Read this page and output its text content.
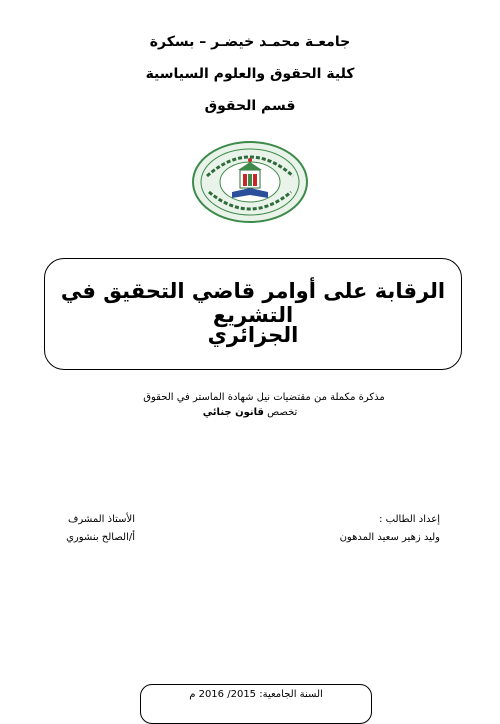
جامعـة محمـد خيضـر – بسكرة
كلية الحقوق والعلوم السياسية
قسم الحقوق
الرقابة على أوامر قاضي التحقيق في التشريع
الجزائري
مذكرة مكملة من مقتضيات نيل شهادة الماستر في الحقوق
تخصص قانون جنائي
إعداد الطالب :
وليد زهير سعيد المدهون
الأستاذ المشرف
أ/الصالح بنشوري
السنة الجامعية: 2015/ 2016 م
